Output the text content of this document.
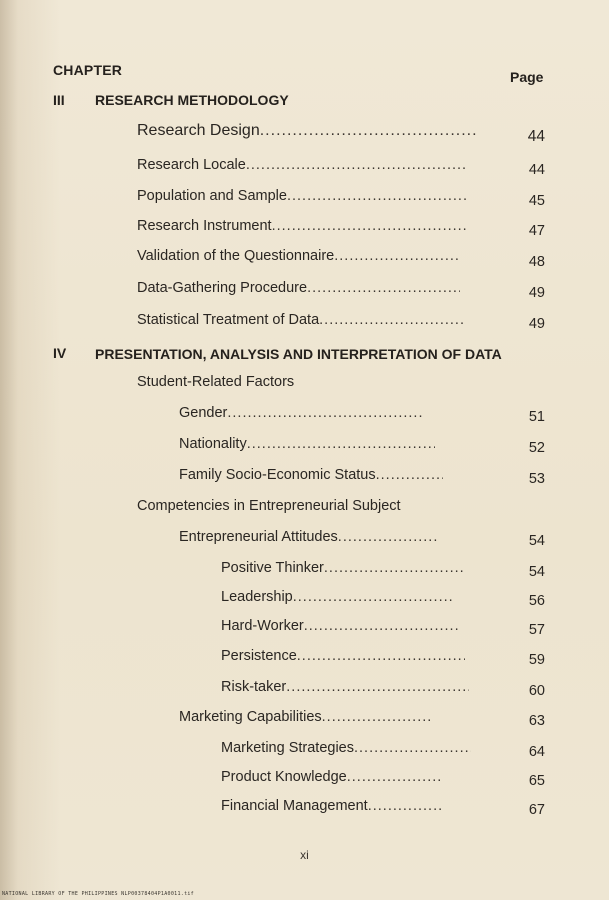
CHAPTER	Page
III RESEARCH METHODOLOGY
Research Design .....	44
Research Locale .....	44
Population and Sample .....	45
Research Instrument .....	47
Validation of the Questionnaire .....	48
Data-Gathering Procedure .....	49
Statistical Treatment of Data .....	49
IV PRESENTATION, ANALYSIS AND INTERPRETATION OF DATA
Student-Related Factors
Gender .....	51
Nationality .....	52
Family Socio-Economic Status .....	53
Competencies in Entrepreneurial Subject
Entrepreneurial Attitudes .....	54
Positive Thinker .....	54
Leadership .....	56
Hard-Worker .....	57
Persistence .....	59
Risk-taker .....	60
Marketing Capabilities .....	63
Marketing Strategies .....	64
Product Knowledge .....	65
Financial Management .....	67
xi
NATIONAL LIBRARY OF THE PHILIPPINES NLP00378404P1A0011.tif
